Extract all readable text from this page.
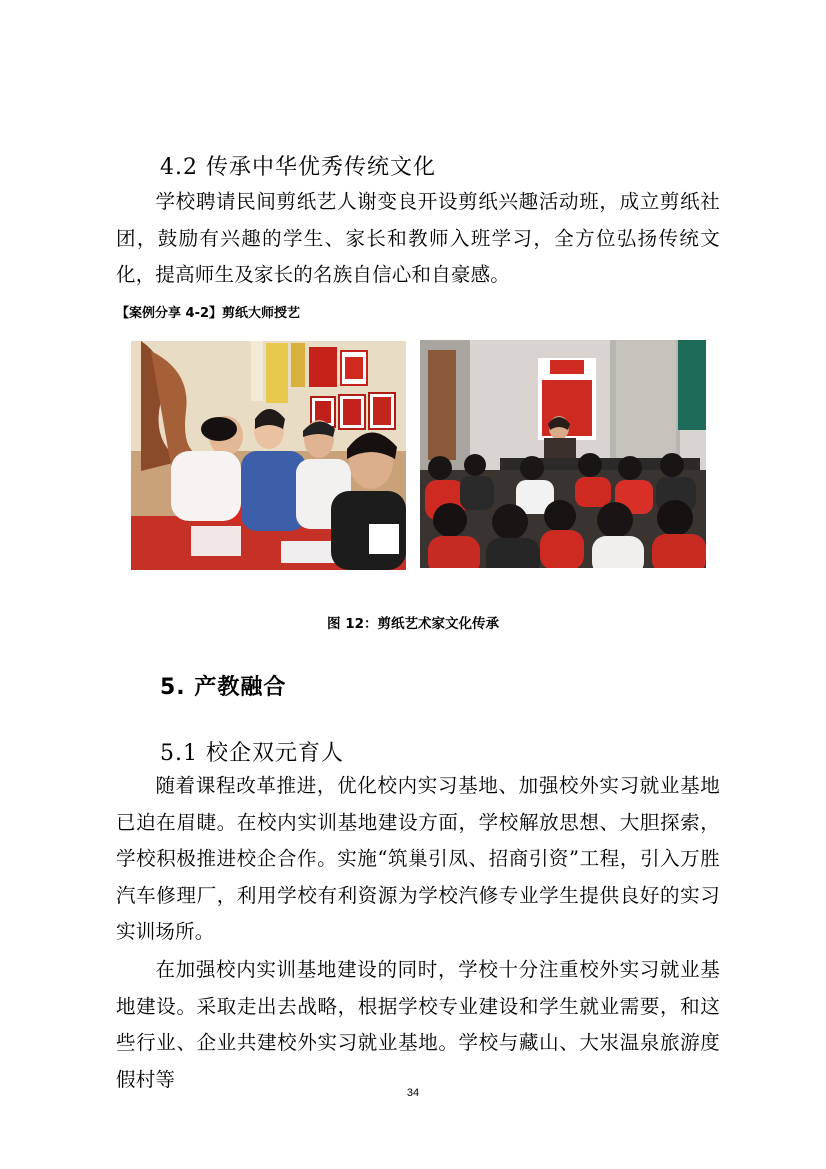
4.2 传承中华优秀传统文化

学校聘请民间剪纸艺人谢变良开设剪纸兴趣活动班，成立剪纸社团，鼓励有兴趣的学生、家长和教师入班学习，全方位弘扬传统文化，提高师生及家长的名族自信心和自豪感。

【案例分享 4-2】剪纸大师授艺
图 12：剪纸艺术家文化传承
5. 产教融合
5.1 校企双元育人

随着课程改革推进，优化校内实习基地、加强校外实习就业基地已迫在眉睫。在校内实训基地建设方面，学校解放思想、大胆探索，学校积极推进校企合作。实施“筑巢引凤、招商引资”工程，引入万胜汽车修理厂，利用学校有利资源为学校汽修专业学生提供良好的实习实训场所。

在加强校内实训基地建设的同时，学校十分注重校外实习就业基地建设。采取走出去战略，根据学校专业建设和学生就业需要，和这些行业、企业共建校外实习就业基地。学校与藏山、大汖温泉旅游度假村等

34
